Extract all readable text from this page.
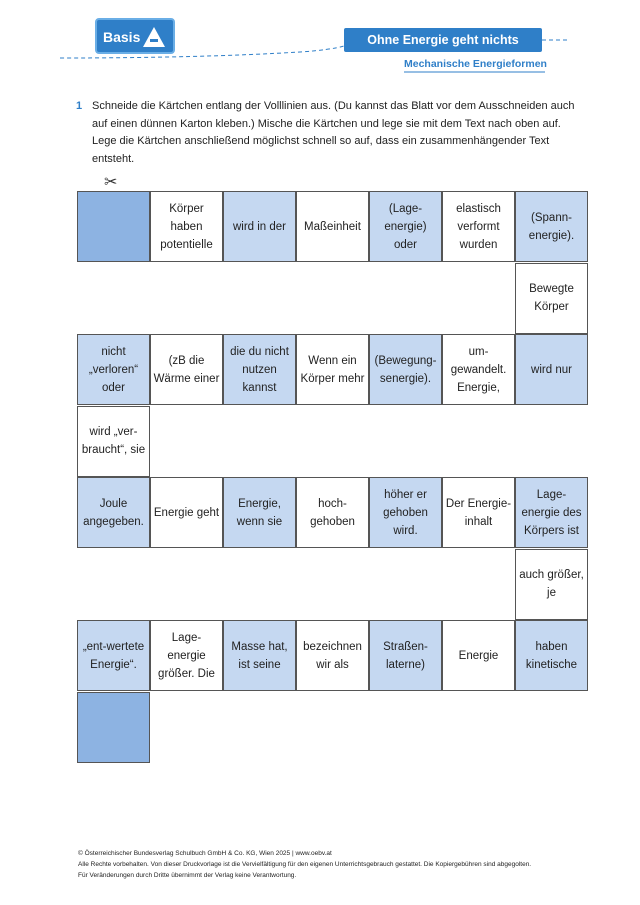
Basis	Ohne Energie geht nichts
Mechanische Energieformen
1 Schneide die Kärtchen entlang der Volllinien aus. (Du kannst das Blatt vor dem Ausschneiden auch auf einen dünnen Karton kleben.) Mische die Kärtchen und lege sie mit dem Text nach oben auf. Lege die Kärtchen anschließend möglichst schnell so auf, dass ein zusammenhängender Text entsteht.
✂
Körper haben potentielle
wird in der	Maßeinheit
(Lage-energie) oder
elastisch verformt wurden
(Spann-energie).
Bewegte Körper
nicht „verloren“ oder
(zB die Wärme einer
die du nicht nutzen kannst
Wenn ein Körper mehr
(Bewegung-senergie).
um-gewandelt. Energie,
wird nur
wird „ver-braucht“, sie
Joule angegeben.
Energie geht
Energie, wenn sie
hoch-gehoben
höher er gehoben wird.
Der Energie-inhalt
Lage-energie des Körpers ist
auch größer, je
„ent-wertete Energie“.
Lage-energie größer. Die
Masse hat, ist seine
bezeichnen wir als
Straßen-laterne)
Energie
haben kinetische
© Österreichischer Bundesverlag Schulbuch GmbH & Co. KG, Wien 2025 | www.oebv.at
Alle Rechte vorbehalten. Von dieser Druckvorlage ist die Vervielfältigung für den eigenen Unterrichtsgebrauch gestattet. Die Kopiergebühren sind abgegolten.
Für Veränderungen durch Dritte übernimmt der Verlag keine Verantwortung.
